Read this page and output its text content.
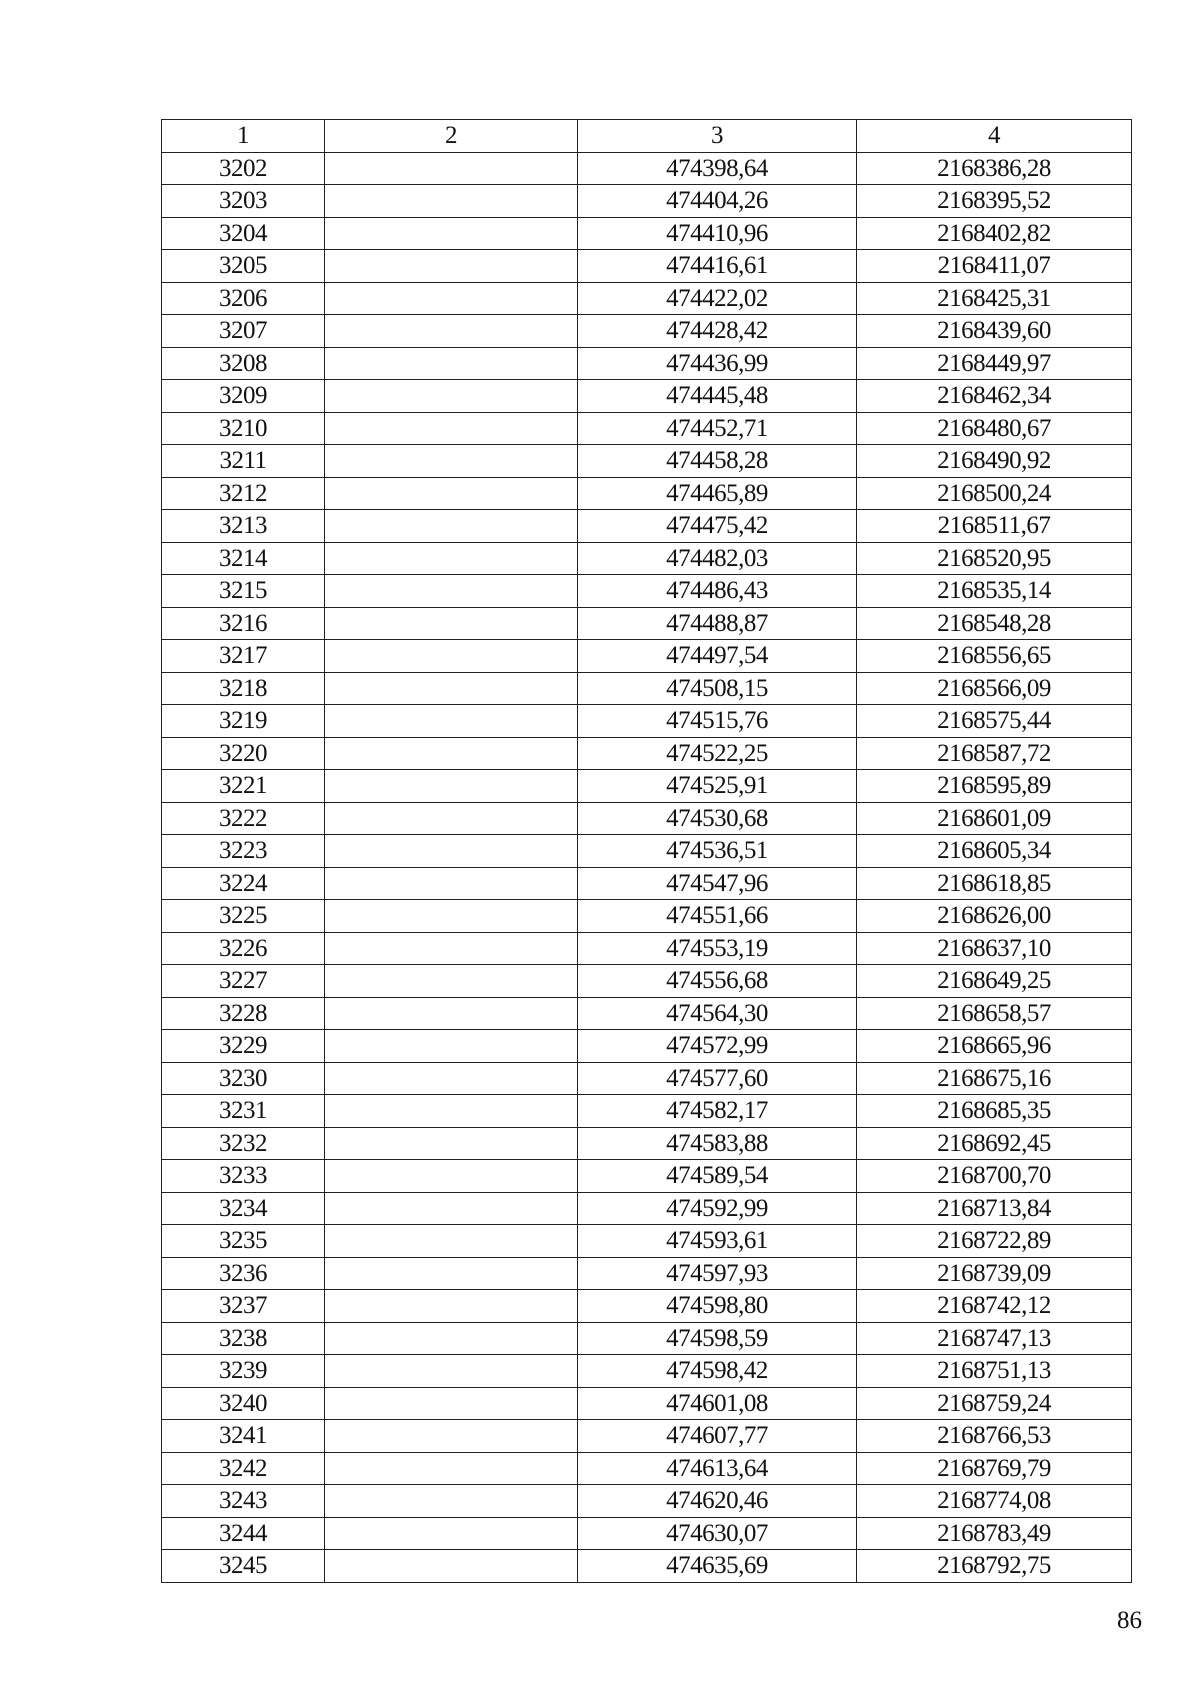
1	2	3	4
3202		474398,64	2168386,28
3203		474404,26	2168395,52
3204		474410,96	2168402,82
3205		474416,61	2168411,07
3206		474422,02	2168425,31
3207		474428,42	2168439,60
3208		474436,99	2168449,97
3209		474445,48	2168462,34
3210		474452,71	2168480,67
3211		474458,28	2168490,92
3212		474465,89	2168500,24
3213		474475,42	2168511,67
3214		474482,03	2168520,95
3215		474486,43	2168535,14
3216		474488,87	2168548,28
3217		474497,54	2168556,65
3218		474508,15	2168566,09
3219		474515,76	2168575,44
3220		474522,25	2168587,72
3221		474525,91	2168595,89
3222		474530,68	2168601,09
3223		474536,51	2168605,34
3224		474547,96	2168618,85
3225		474551,66	2168626,00
3226		474553,19	2168637,10
3227		474556,68	2168649,25
3228		474564,30	2168658,57
3229		474572,99	2168665,96
3230		474577,60	2168675,16
3231		474582,17	2168685,35
3232		474583,88	2168692,45
3233		474589,54	2168700,70
3234		474592,99	2168713,84
3235		474593,61	2168722,89
3236		474597,93	2168739,09
3237		474598,80	2168742,12
3238		474598,59	2168747,13
3239		474598,42	2168751,13
3240		474601,08	2168759,24
3241		474607,77	2168766,53
3242		474613,64	2168769,79
3243		474620,46	2168774,08
3244		474630,07	2168783,49
3245		474635,69	2168792,75
86
